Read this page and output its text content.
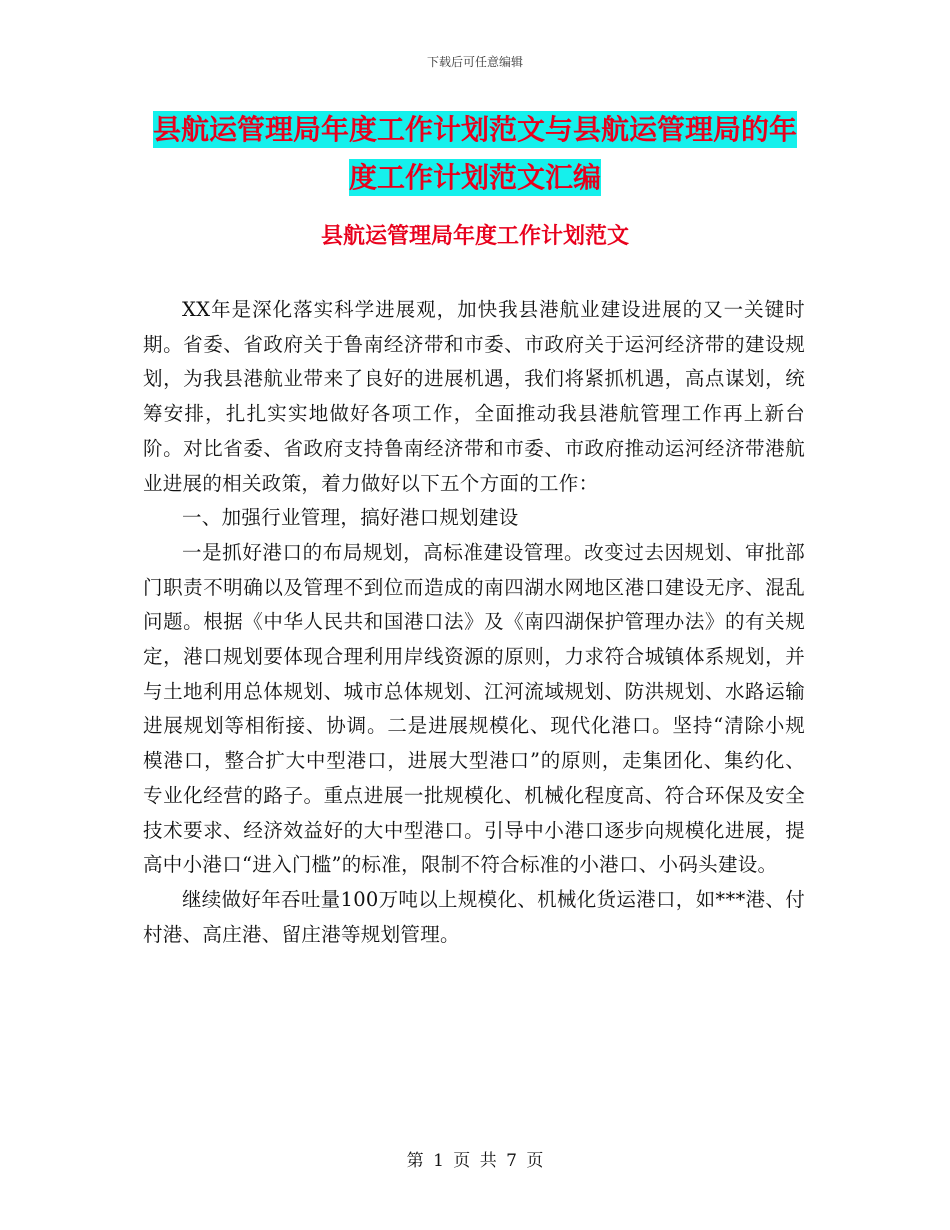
下载后可任意编辑
县航运管理局年度工作计划范文与县航运管理局的年
度工作计划范文汇编
县航运管理局年度工作计划范文

XX年是深化落实科学进展观，加快我县港航业建设进展的又一关键时期。省委、省政府关于鲁南经济带和市委、市政府关于运河经济带的建设规划，为我县港航业带来了良好的进展机遇，我们将紧抓机遇，高点谋划，统筹安排，扎扎实实地做好各项工作，全面推动我县港航管理工作再上新台阶。对比省委、省政府支持鲁南经济带和市委、市政府推动运河经济带港航业进展的相关政策，着力做好以下五个方面的工作：

一、加强行业管理，搞好港口规划建设

一是抓好港口的布局规划，高标准建设管理。改变过去因规划、审批部门职责不明确以及管理不到位而造成的南四湖水网地区港口建设无序、混乱问题。根据《中华人民共和国港口法》及《南四湖保护管理办法》的有关规定，港口规划要体现合理利用岸线资源的原则，力求符合城镇体系规划，并与土地利用总体规划、城市总体规划、江河流域规划、防洪规划、水路运输进展规划等相衔接、协调。二是进展规模化、现代化港口。坚持“清除小规模港口，整合扩大中型港口，进展大型港口”的原则，走集团化、集约化、专业化经营的路子。重点进展一批规模化、机械化程度高、符合环保及安全技术要求、经济效益好的大中型港口。引导中小港口逐步向规模化进展，提高中小港口“进入门槛”的标准，限制不符合标准的小港口、小码头建设。

继续做好年吞吐量100万吨以上规模化、机械化货运港口，如***港、付村港、高庄港、留庄港等规划管理。

第 1 页 共 7 页
